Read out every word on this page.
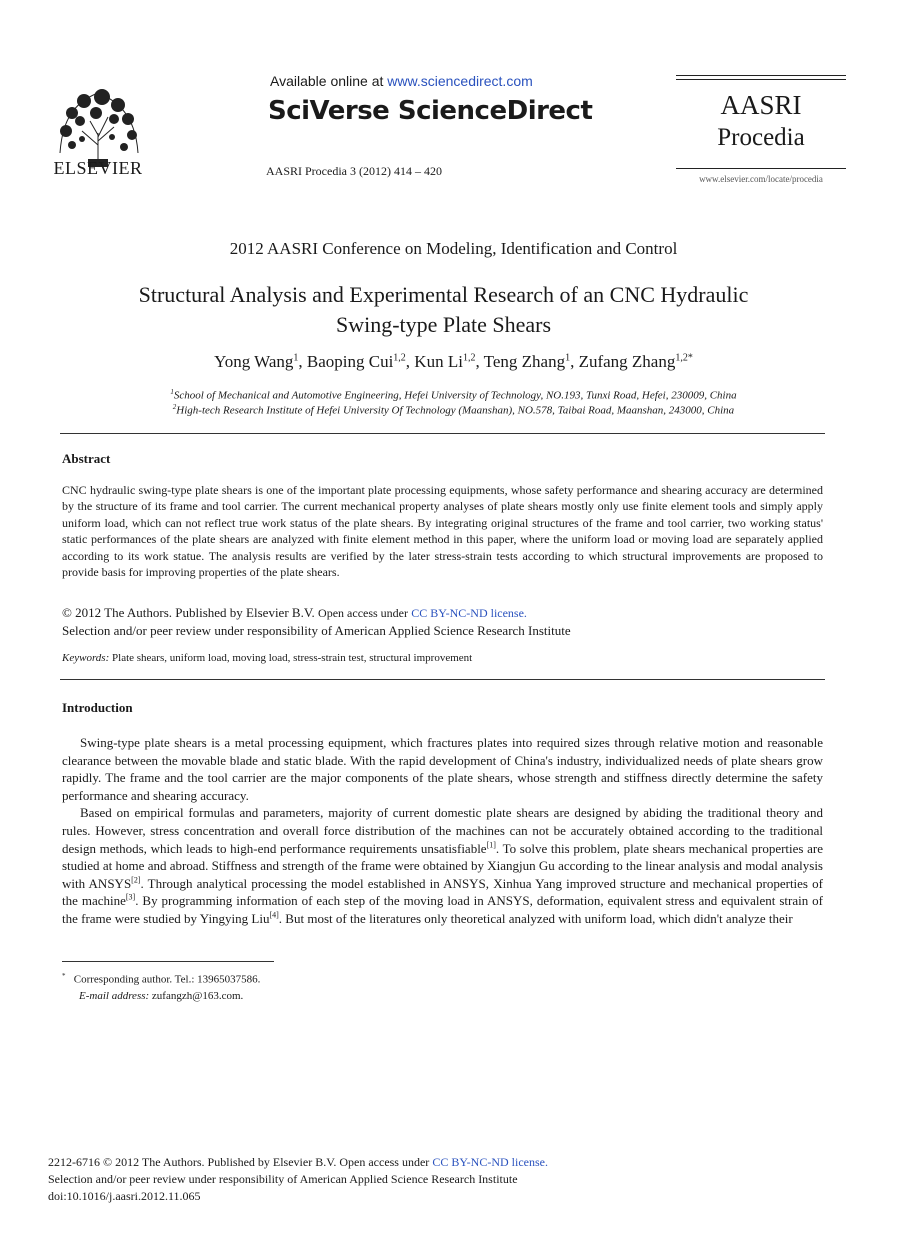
ELSEVIER
Available online at www.sciencedirect.com
SciVerse ScienceDirect
AASRI Procedia 3 (2012) 414 – 420
AASRI
Procedia
www.elsevier.com/locate/procedia
2012 AASRI Conference on Modeling, Identification and Control
Structural Analysis and Experimental Research of an CNC Hydraulic
Swing-type Plate Shears
Yong Wang$^1$, Baoping Cui$^{1,2}$, Kun Li$^{1,2}$, Teng Zhang$^1$, Zufang Zhang$^{1,2*}$
$^1$School of Mechanical and Automotive Engineering, Hefei University of Technology, NO.193, Tunxi Road, Hefei, 230009, China
$^2$High-tech Research Institute of Hefei University Of Technology (Maanshan), NO.578, Taibai Road, Maanshan, 243000, China
Abstract
CNC hydraulic swing-type plate shears is one of the important plate processing equipments, whose safety performance and shearing accuracy are determined by the structure of its frame and tool carrier. The current mechanical property analyses of plate shears mostly only use finite element tools and simply apply uniform load, which can not reflect true work status of the plate shears. By integrating original structures of the frame and tool carrier, two working status' static performances of the plate shears are analyzed with finite element method in this paper, where the uniform load or moving load are separately applied according to its work statue. The analysis results are verified by the later stress-strain tests according to which structural improvements are proposed to provide basis for improving properties of the plate shears.
© 2012 The Authors. Published by Elsevier B.V. Open access under CC BY-NC-ND license.
Selection and/or peer review under responsibility of American Applied Science Research Institute
Keywords: Plate shears, uniform load, moving load, stress-strain test, structural improvement
Introduction

Swing-type plate shears is a metal processing equipment, which fractures plates into required sizes through relative motion and reasonable clearance between the movable blade and static blade. With the rapid development of China's industry, individualized needs of plate shears grow rapidly. The frame and the tool carrier are the major components of the plate shears, whose strength and stiffness directly determine the safety performance and shearing accuracy.

Based on empirical formulas and parameters, majority of current domestic plate shears are designed by abiding the traditional theory and rules. However, stress concentration and overall force distribution of the machines can not be accurately obtained according to the traditional design methods, which leads to high-end performance requirements unsatisfiable[1]. To solve this problem, plate shears mechanical properties are studied at home and abroad. Stiffness and strength of the frame were obtained by Xiangjun Gu according to the linear analysis and modal analysis with ANSYS[2]. Through analytical processing the model established in ANSYS, Xinhua Yang improved structure and mechanical properties of the machine[3]. By programming information of each step of the moving load in ANSYS, deformation, equivalent stress and equivalent strain of the frame were studied by Yingying Liu[4]. But most of the literatures only theoretical analyzed with uniform load, which didn't analyze their

* Corresponding author. Tel.: 13965037586.
E-mail address: zufangzh@163.com.
2212-6716 © 2012 The Authors. Published by Elsevier B.V. Open access under CC BY-NC-ND license.
Selection and/or peer review under responsibility of American Applied Science Research Institute
doi:10.1016/j.aasri.2012.11.065
